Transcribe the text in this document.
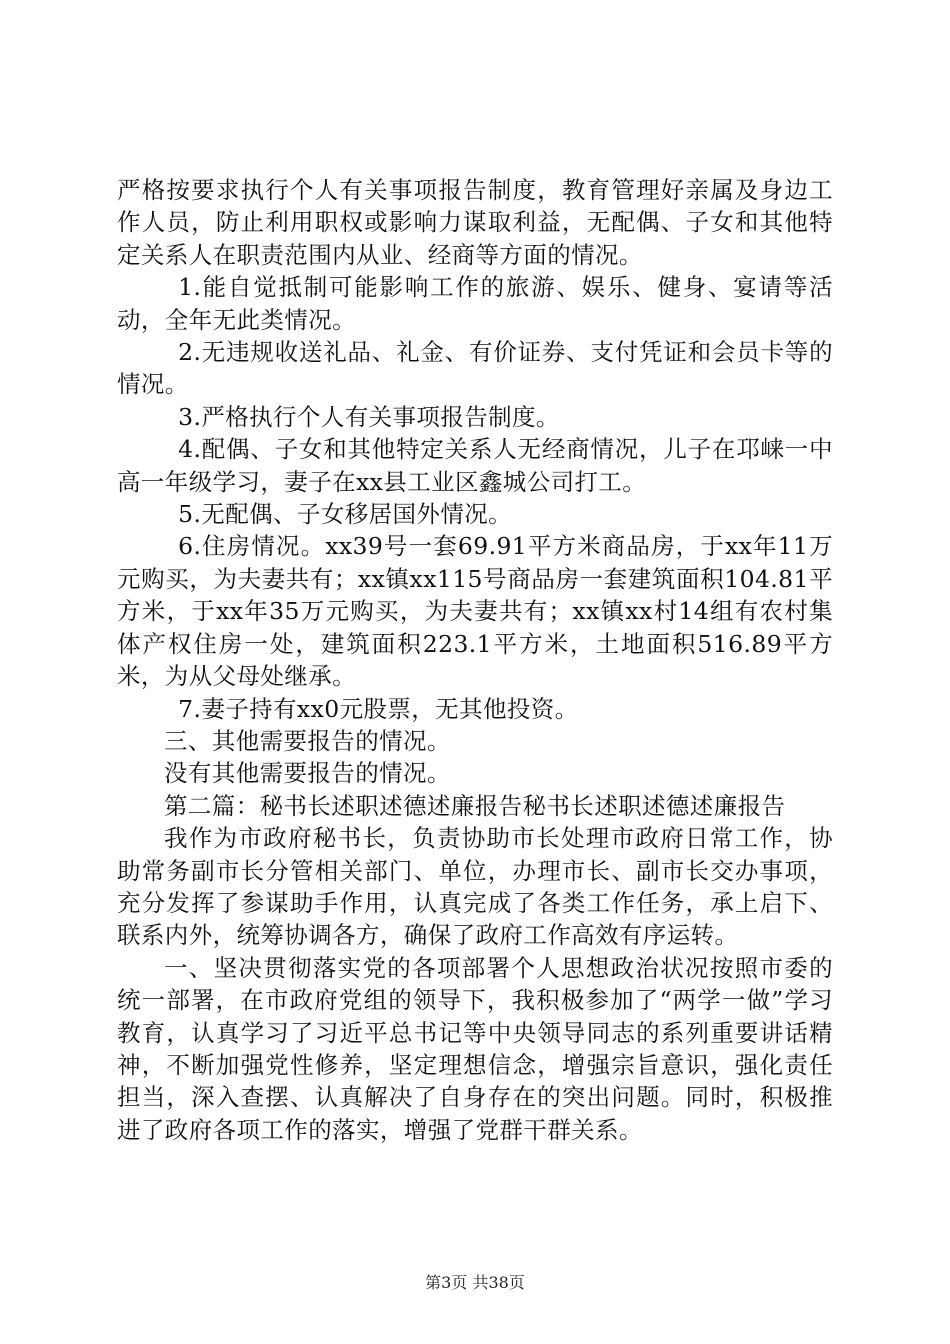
严格按要求执行个人有关事项报告制度，教育管理好亲属及身边工作人员，防止利用职权或影响力谋取利益，无配偶、子女和其他特定关系人在职责范围内从业、经商等方面的情况。

1.能自觉抵制可能影响工作的旅游、娱乐、健身、宴请等活动，全年无此类情况。

2.无违规收送礼品、礼金、有价证券、支付凭证和会员卡等的情况。

3.严格执行个人有关事项报告制度。

4.配偶、子女和其他特定关系人无经商情况，儿子在邛崃一中高一年级学习，妻子在xx县工业区鑫城公司打工。

5.无配偶、子女移居国外情况。

6.住房情况。xx39号一套69.91平方米商品房，于xx年11万元购买，为夫妻共有；xx镇xx115号商品房一套建筑面积104.81平方米，于xx年35万元购买，为夫妻共有；xx镇xx村14组有农村集体产权住房一处，建筑面积223.1平方米，土地面积516.89平方米，为从父母处继承。

7.妻子持有xx0元股票，无其他投资。

三、其他需要报告的情况。

没有其他需要报告的情况。

第二篇：秘书长述职述德述廉报告秘书长述职述德述廉报告

我作为市政府秘书长，负责协助市长处理市政府日常工作，协助常务副市长分管相关部门、单位，办理市长、副市长交办事项，充分发挥了参谋助手作用，认真完成了各类工作任务，承上启下、联系内外，统筹协调各方，确保了政府工作高效有序运转。

一、坚决贯彻落实党的各项部署个人思想政治状况按照市委的统一部署，在市政府党组的领导下，我积极参加了“两学一做”学习教育，认真学习了习近平总书记等中央领导同志的系列重要讲话精神，不断加强党性修养，坚定理想信念，增强宗旨意识，强化责任担当，深入查摆、认真解决了自身存在的突出问题。同时，积极推进了政府各项工作的落实，增强了党群干群关系。

第3页 共38页
